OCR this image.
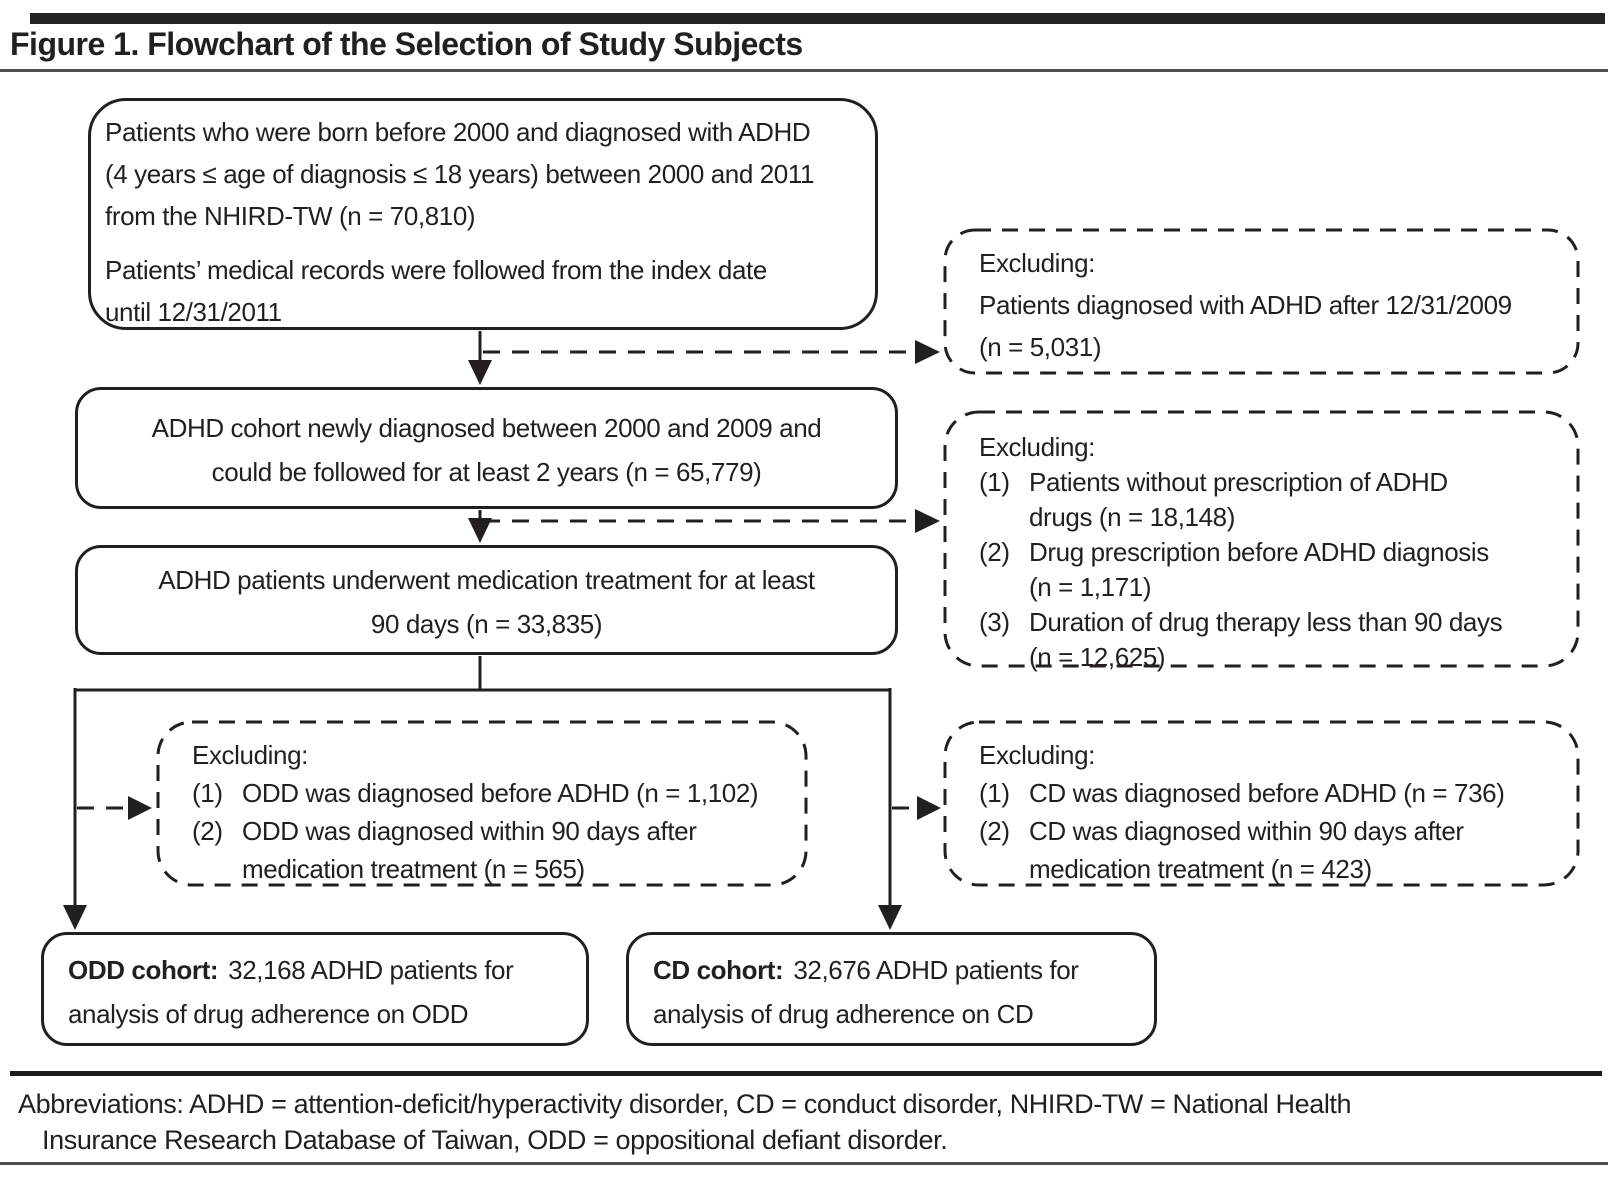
Figure 1. Flowchart of the Selection of Study Subjects
Patients who were born before 2000 and diagnosed with ADHD
(4 years ≤ age of diagnosis ≤ 18 years) between 2000 and 2011
from the NHIRD-TW (n = 70,810)
Patients’ medical records were followed from the index date
until 12/31/2011
Excluding:
Patients diagnosed with ADHD after 12/31/2009
(n = 5,031)
ADHD cohort newly diagnosed between 2000 and 2009 and
could be followed for at least 2 years (n = 65,779)
Excluding:
(1) Patients without prescription of ADHD
drugs (n = 18,148)
(2) Drug prescription before ADHD diagnosis
(n = 1,171)
(3) Duration of drug therapy less than 90 days
(n = 12,625)
ADHD patients underwent medication treatment for at least
90 days (n = 33,835)
Excluding:
(1) ODD was diagnosed before ADHD (n = 1,102)
(2) ODD was diagnosed within 90 days after
medication treatment (n = 565)
Excluding:
(1) CD was diagnosed before ADHD (n = 736)
(2) CD was diagnosed within 90 days after
medication treatment (n = 423)
ODD cohort: 32,168 ADHD patients for
analysis of drug adherence on ODD
CD cohort: 32,676 ADHD patients for
analysis of drug adherence on CD
Abbreviations: ADHD = attention-deficit/hyperactivity disorder, CD = conduct disorder, NHIRD-TW = National Health
Insurance Research Database of Taiwan, ODD = oppositional defiant disorder.
